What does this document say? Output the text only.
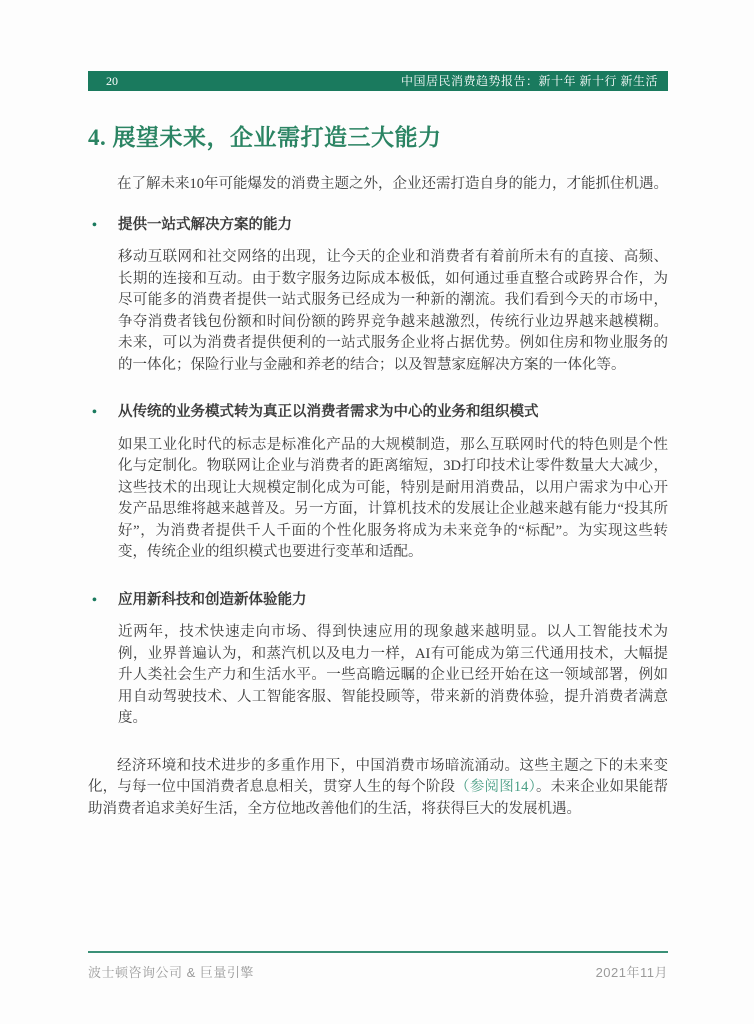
20	中国居民消费趋势报告：新十年 新十行 新生活
4. 展望未来，企业需打造三大能力

在了解未来10年可能爆发的消费主题之外，企业还需打造自身的能力，才能抓住机遇。

•	提供一站式解决方案的能力

移动互联网和社交网络的出现，让今天的企业和消费者有着前所未有的直接、高频、长期的连接和互动。由于数字服务边际成本极低，如何通过垂直整合或跨界合作，为尽可能多的消费者提供一站式服务已经成为一种新的潮流。我们看到今天的市场中，争夺消费者钱包份额和时间份额的跨界竞争越来越激烈，传统行业边界越来越模糊。未来，可以为消费者提供便利的一站式服务企业将占据优势。例如住房和物业服务的的一体化；保险行业与金融和养老的结合；以及智慧家庭解决方案的一体化等。

•	从传统的业务模式转为真正以消费者需求为中心的业务和组织模式

如果工业化时代的标志是标准化产品的大规模制造，那么互联网时代的特色则是个性化与定制化。物联网让企业与消费者的距离缩短，3D打印技术让零件数量大大减少，这些技术的出现让大规模定制化成为可能，特别是耐用消费品，以用户需求为中心开发产品思维将越来越普及。另一方面，计算机技术的发展让企业越来越有能力“投其所好”，为消费者提供千人千面的个性化服务将成为未来竞争的“标配”。为实现这些转变，传统企业的组织模式也要进行变革和适配。

•	应用新科技和创造新体验能力

近两年，技术快速走向市场、得到快速应用的现象越来越明显。以人工智能技术为例，业界普遍认为，和蒸汽机以及电力一样，AI有可能成为第三代通用技术，大幅提升人类社会生产力和生活水平。一些高瞻远瞩的企业已经开始在这一领域部署，例如用自动驾驶技术、人工智能客服、智能投顾等，带来新的消费体验，提升消费者满意度。

经济环境和技术进步的多重作用下，中国消费市场暗流涌动。这些主题之下的未来变化，与每一位中国消费者息息相关，贯穿人生的每个阶段（参阅图14）。未来企业如果能帮助消费者追求美好生活，全方位地改善他们的生活，将获得巨大的发展机遇。

波士顿咨询公司 & 巨量引擎	2021年11月
